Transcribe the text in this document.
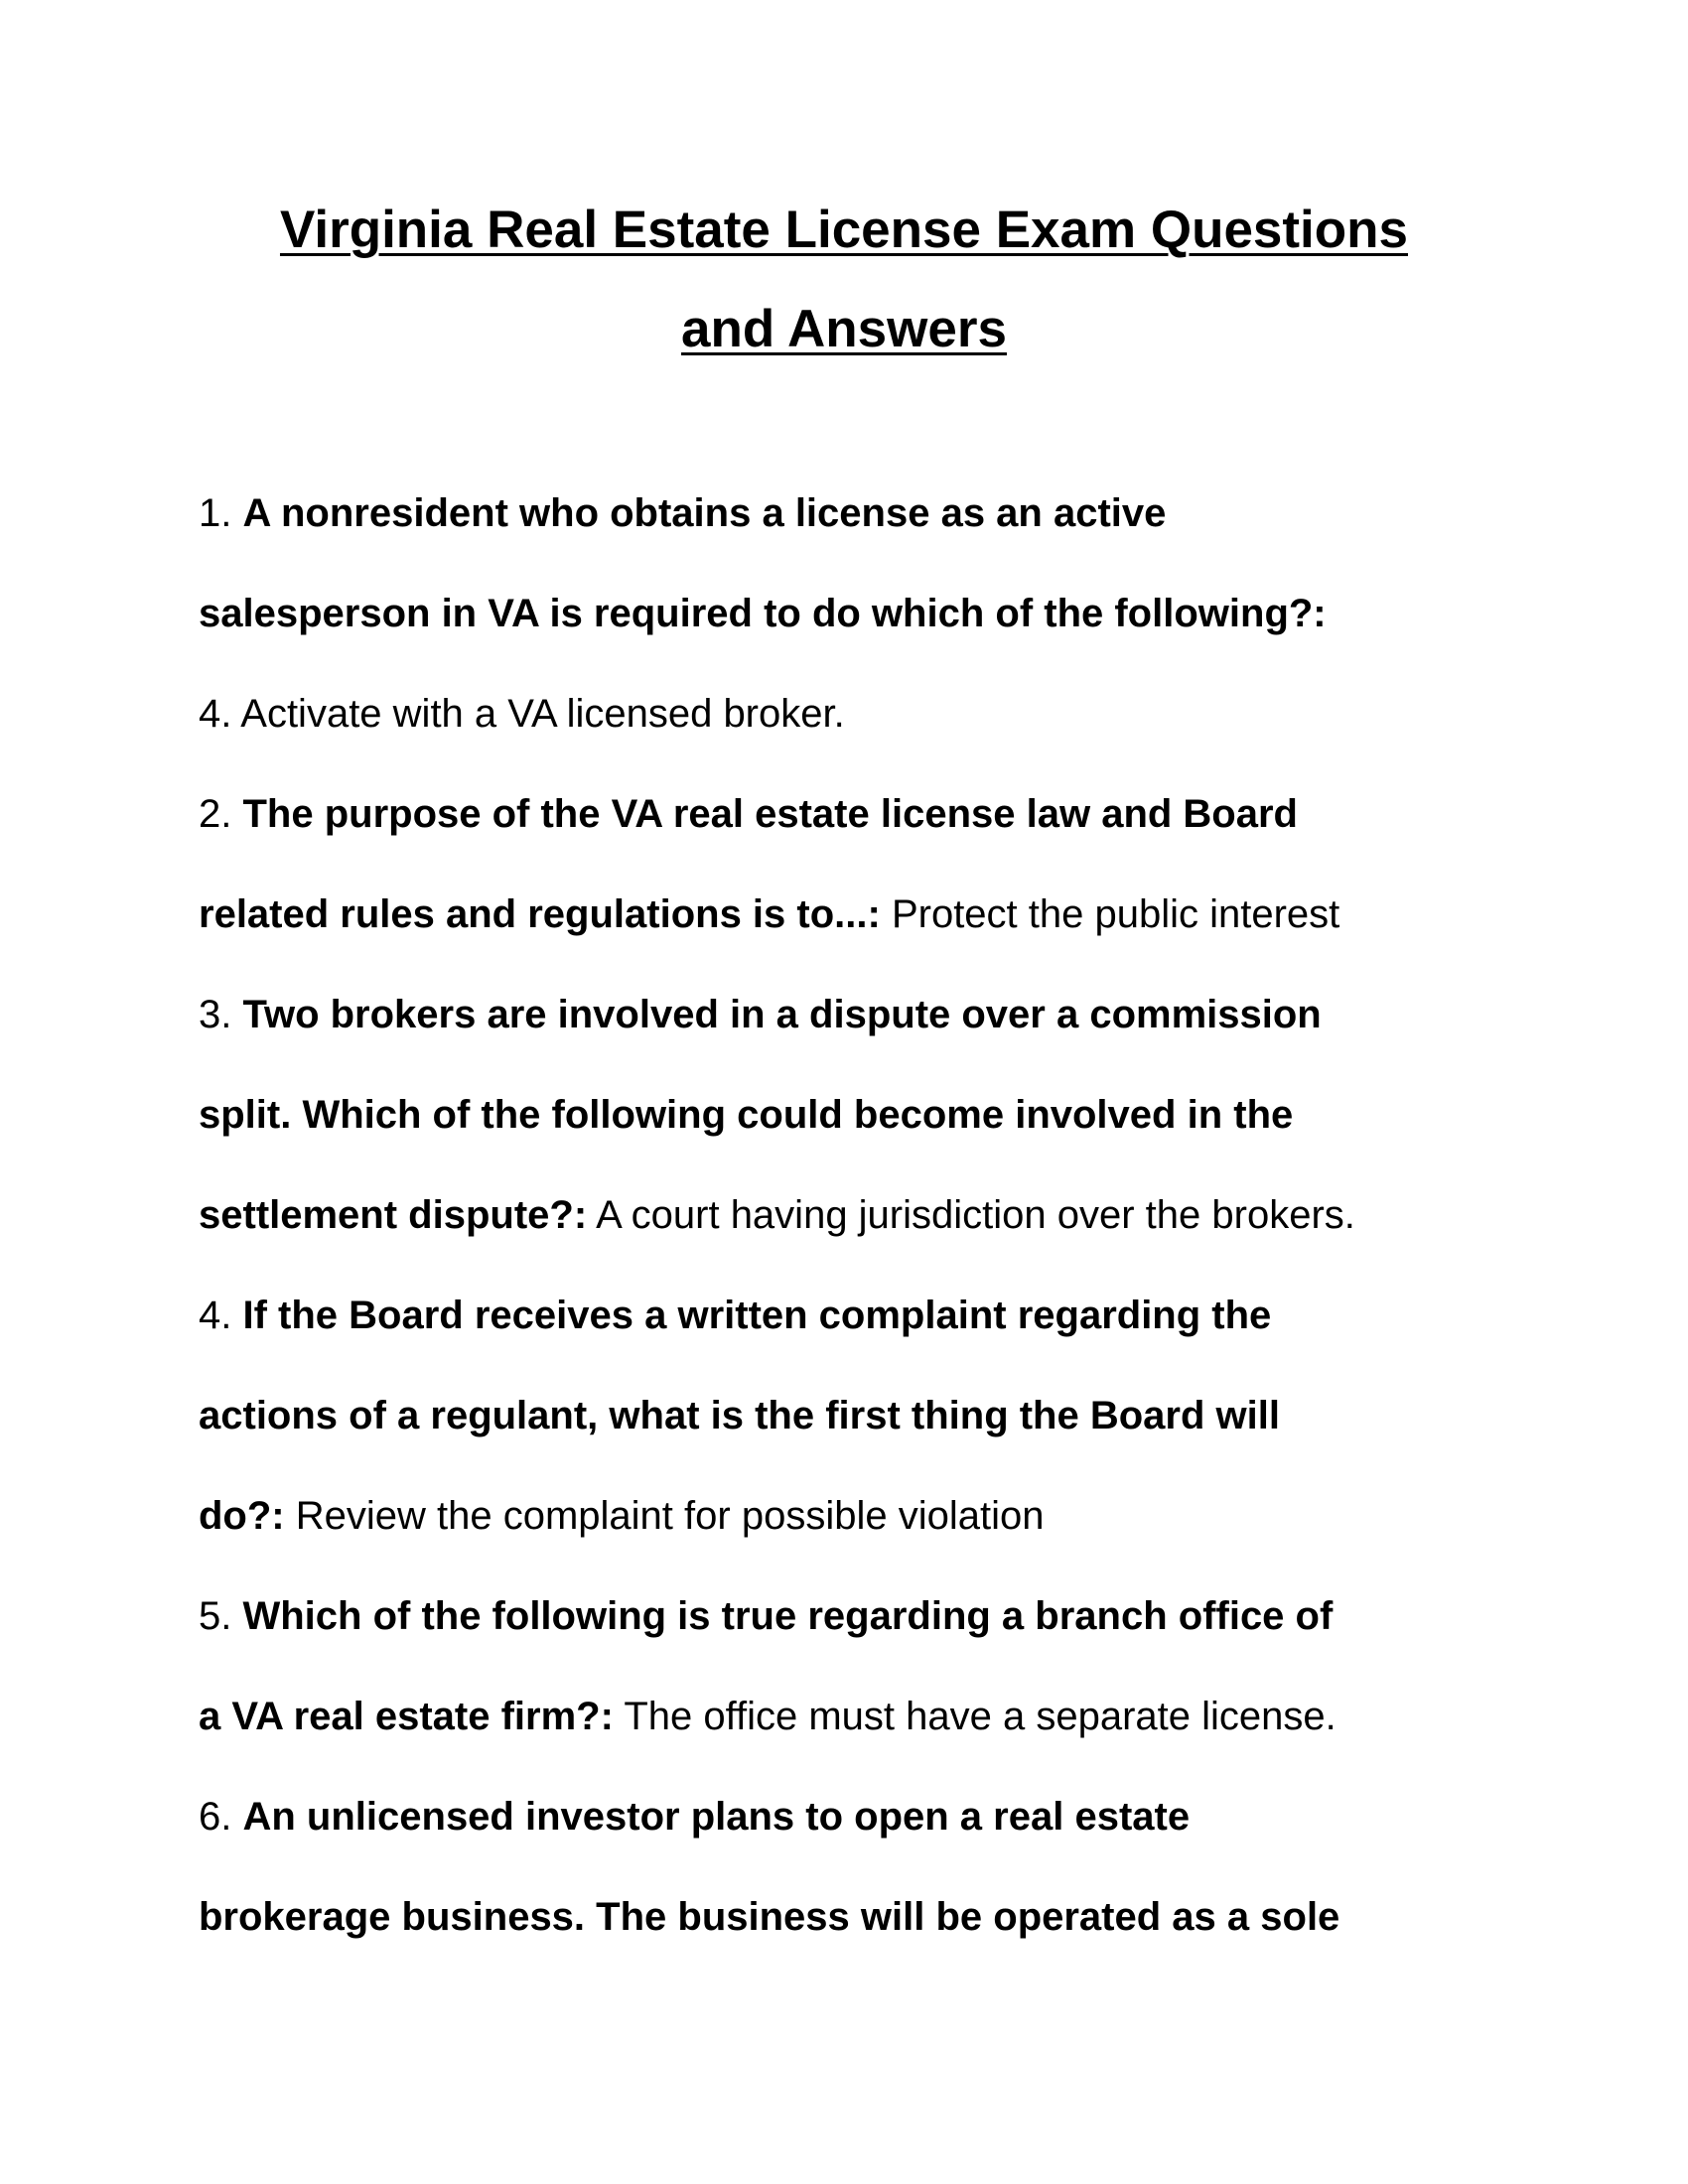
Virginia Real Estate License Exam Questions
and Answers

1. A nonresident who obtains a license as an active

salesperson in VA is required to do which of the following?:

4. Activate with a VA licensed broker.

2. The purpose of the VA real estate license law and Board

related rules and regulations is to...: Protect the public interest

3. Two brokers are involved in a dispute over a commission

split. Which of the following could become involved in the

settlement dispute?: A court having jurisdiction over the brokers.

4. If the Board receives a written complaint regarding the

actions of a regulant, what is the first thing the Board will

do?: Review the complaint for possible violation

5. Which of the following is true regarding a branch office of

a VA real estate firm?: The office must have a separate license.

6. An unlicensed investor plans to open a real estate

brokerage business. The business will be operated as a sole
